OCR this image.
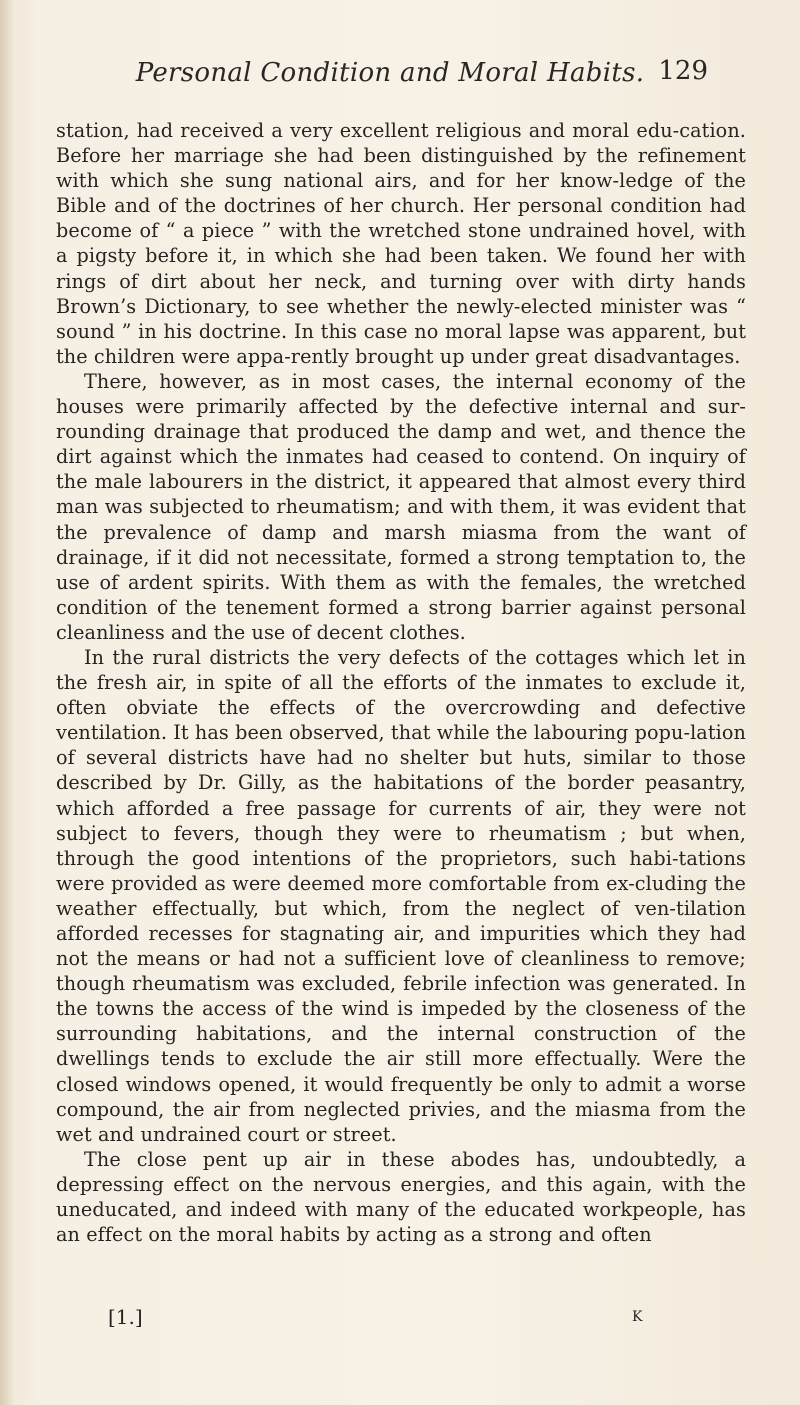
Personal Condition and Moral Habits. 129

station, had received a very excellent religious and moral edu-cation. Before her marriage she had been distinguished by the refinement with which she sung national airs, and for her know-ledge of the Bible and of the doctrines of her church. Her personal condition had become of “ a piece ” with the wretched stone undrained hovel, with a pigsty before it, in which she had been taken. We found her with rings of dirt about her neck, and turning over with dirty hands Brown’s Dictionary, to see whether the newly-elected minister was “ sound ” in his doctrine. In this case no moral lapse was apparent, but the children were appa-rently brought up under great disadvantages.

There, however, as in most cases, the internal economy of the houses were primarily affected by the defective internal and sur-rounding drainage that produced the damp and wet, and thence the dirt against which the inmates had ceased to contend. On inquiry of the male labourers in the district, it appeared that almost every third man was subjected to rheumatism; and with them, it was evident that the prevalence of damp and marsh miasma from the want of drainage, if it did not necessitate, formed a strong temptation to, the use of ardent spirits. With them as with the females, the wretched condition of the tenement formed a strong barrier against personal cleanliness and the use of decent clothes.

In the rural districts the very defects of the cottages which let in the fresh air, in spite of all the efforts of the inmates to exclude it, often obviate the effects of the overcrowding and defective ventilation. It has been observed, that while the labouring popu-lation of several districts have had no shelter but huts, similar to those described by Dr. Gilly, as the habitations of the border peasantry, which afforded a free passage for currents of air, they were not subject to fevers, though they were to rheumatism ; but when, through the good intentions of the proprietors, such habi-tations were provided as were deemed more comfortable from ex-cluding the weather effectually, but which, from the neglect of ven-tilation afforded recesses for stagnating air, and impurities which they had not the means or had not a sufficient love of cleanliness to remove; though rheumatism was excluded, febrile infection was generated. In the towns the access of the wind is impeded by the closeness of the surrounding habitations, and the internal construction of the dwellings tends to exclude the air still more effectually. Were the closed windows opened, it would frequently be only to admit a worse compound, the air from neglected privies, and the miasma from the wet and undrained court or street.

The close pent up air in these abodes has, undoubtedly, a depressing effect on the nervous energies, and this again, with the uneducated, and indeed with many of the educated workpeople, has an effect on the moral habits by acting as a strong and often

[1.]	K
